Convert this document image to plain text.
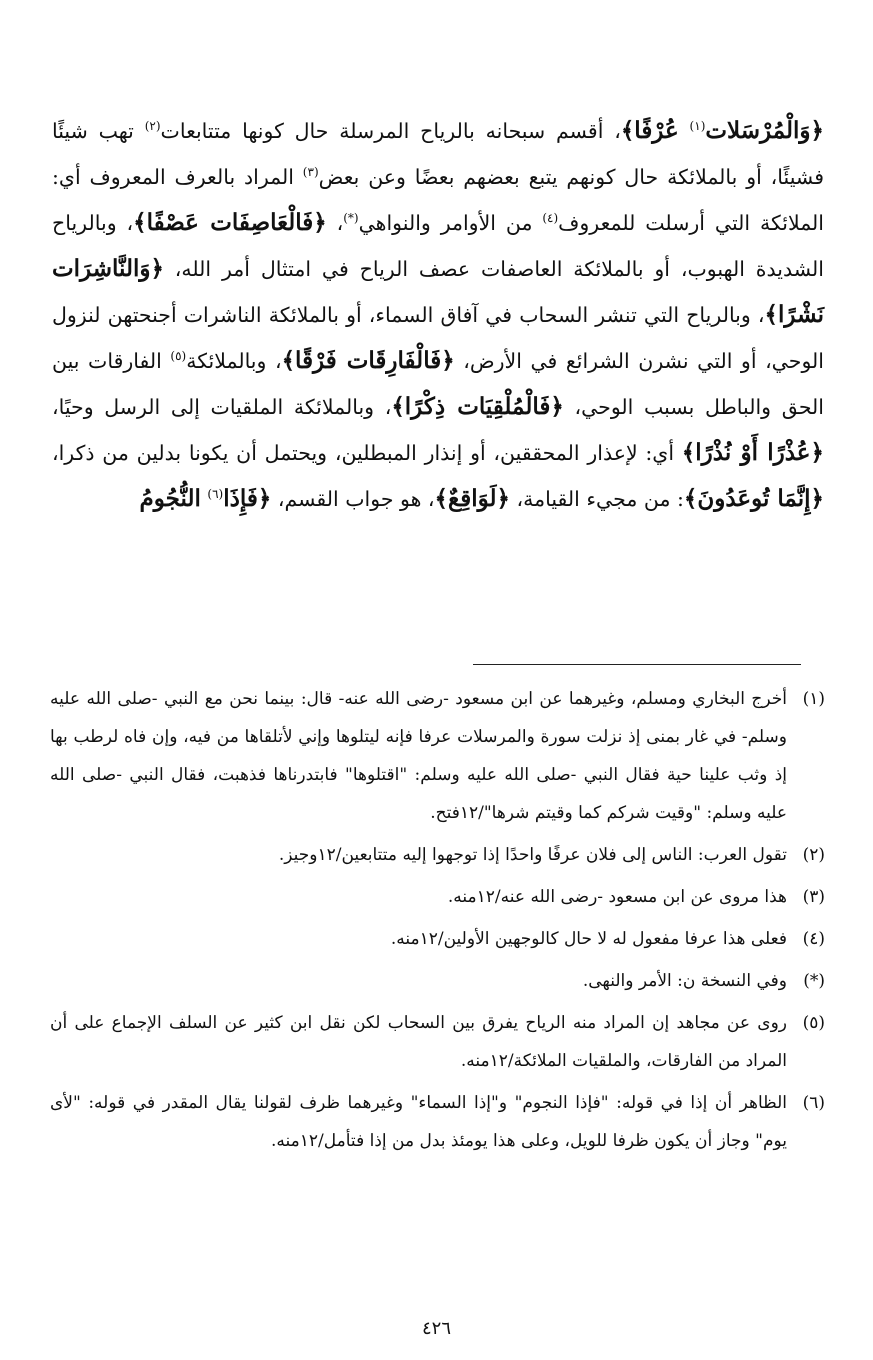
﴿وَالْمُرْسَلات$^{(١)}$ عُرْفًا﴾، أقسم سبحانه بالرياح المرسلة حال كونها متتابعات$^{(٢)}$ تهب شيئًا فشيئًا، أو بالملائكة حال كونهم يتبع بعضهم بعضًا وعن بعض$^{(٣)}$ المراد بالعرف المعروف أي: الملائكة التي أرسلت للمعروف$^{(٤)}$ من الأوامر والنواهي(*)، ﴿فَالْعَاصِفَات عَصْفًا﴾، وبالرياح الشديدة الهبوب، أو بالملائكة العاصفات عصف الرياح في امتثال أمر الله، ﴿وَالنَّاشِرَات نَشْرًا﴾، وبالرياح التي تنشر السحاب في آفاق السماء، أو بالملائكة الناشرات أجنحتهن لنزول الوحي، أو التي نشرن الشرائع في الأرض، ﴿فَالْفَارِقَات فَرْقًا﴾، وبالملائكة$^{(٥)}$ الفارقات بين الحق والباطل بسبب الوحي، ﴿فَالْمُلْقِيَات ذِكْرًا﴾، وبالملائكة الملقيات إلى الرسل وحيًا، ﴿عُذْرًا أَوْ نُذْرًا﴾ أي: لإعذار المحققين، أو إنذار المبطلين، ويحتمل أن يكونا بدلين من ذكرا، ﴿إِنَّمَا تُوعَدُونَ﴾: من مجيء القيامة، ﴿لَوَاقِعٌ﴾، هو جواب القسم، ﴿فَإِذَا$^{(٦)}$ النُّجُومُ

(١)
أخرج البخاري ومسلم، وغيرهما عن ابن مسعود -رضى الله عنه- قال: بينما نحن مع النبي -صلى الله عليه وسلم- في غار بمنى إذ نزلت سورة والمرسلات عرفا فإنه ليتلوها وإني لأتلقاها من فيه، وإن فاه لرطب بها إذ وثب علينا حية فقال النبي -صلى الله عليه وسلم: "اقتلوها" فابتدرناها فذهبت، فقال النبي -صلى الله عليه وسلم: "وقيت شركم كما وقيتم شرها"/١٢فتح.
(٢)
تقول العرب: الناس إلى فلان عرفًا واحدًا إذا توجهوا إليه متتابعين/١٢وجيز.
(٣)
هذا مروى عن ابن مسعود -رضى الله عنه/١٢منه.
(٤)
فعلى هذا عرفا مفعول له لا حال كالوجهين الأولين/١٢منه.
(*)
وفي النسخة ن: الأمر والنهى.
(٥)
روى عن مجاهد إن المراد منه الرياح يفرق بين السحاب لكن نقل ابن كثير عن السلف الإجماع على أن المراد من الفارقات، والملقيات الملائكة/١٢منه.
(٦)
الظاهر أن إذا في قوله: "فإذا النجوم" و"إذا السماء" وغيرهما ظرف لقولنا يقال المقدر في قوله: "لأى يوم" وجاز أن يكون ظرفا للويل، وعلى هذا يومئذ بدل من إذا فتأمل/١٢منه.
٤٢٦
